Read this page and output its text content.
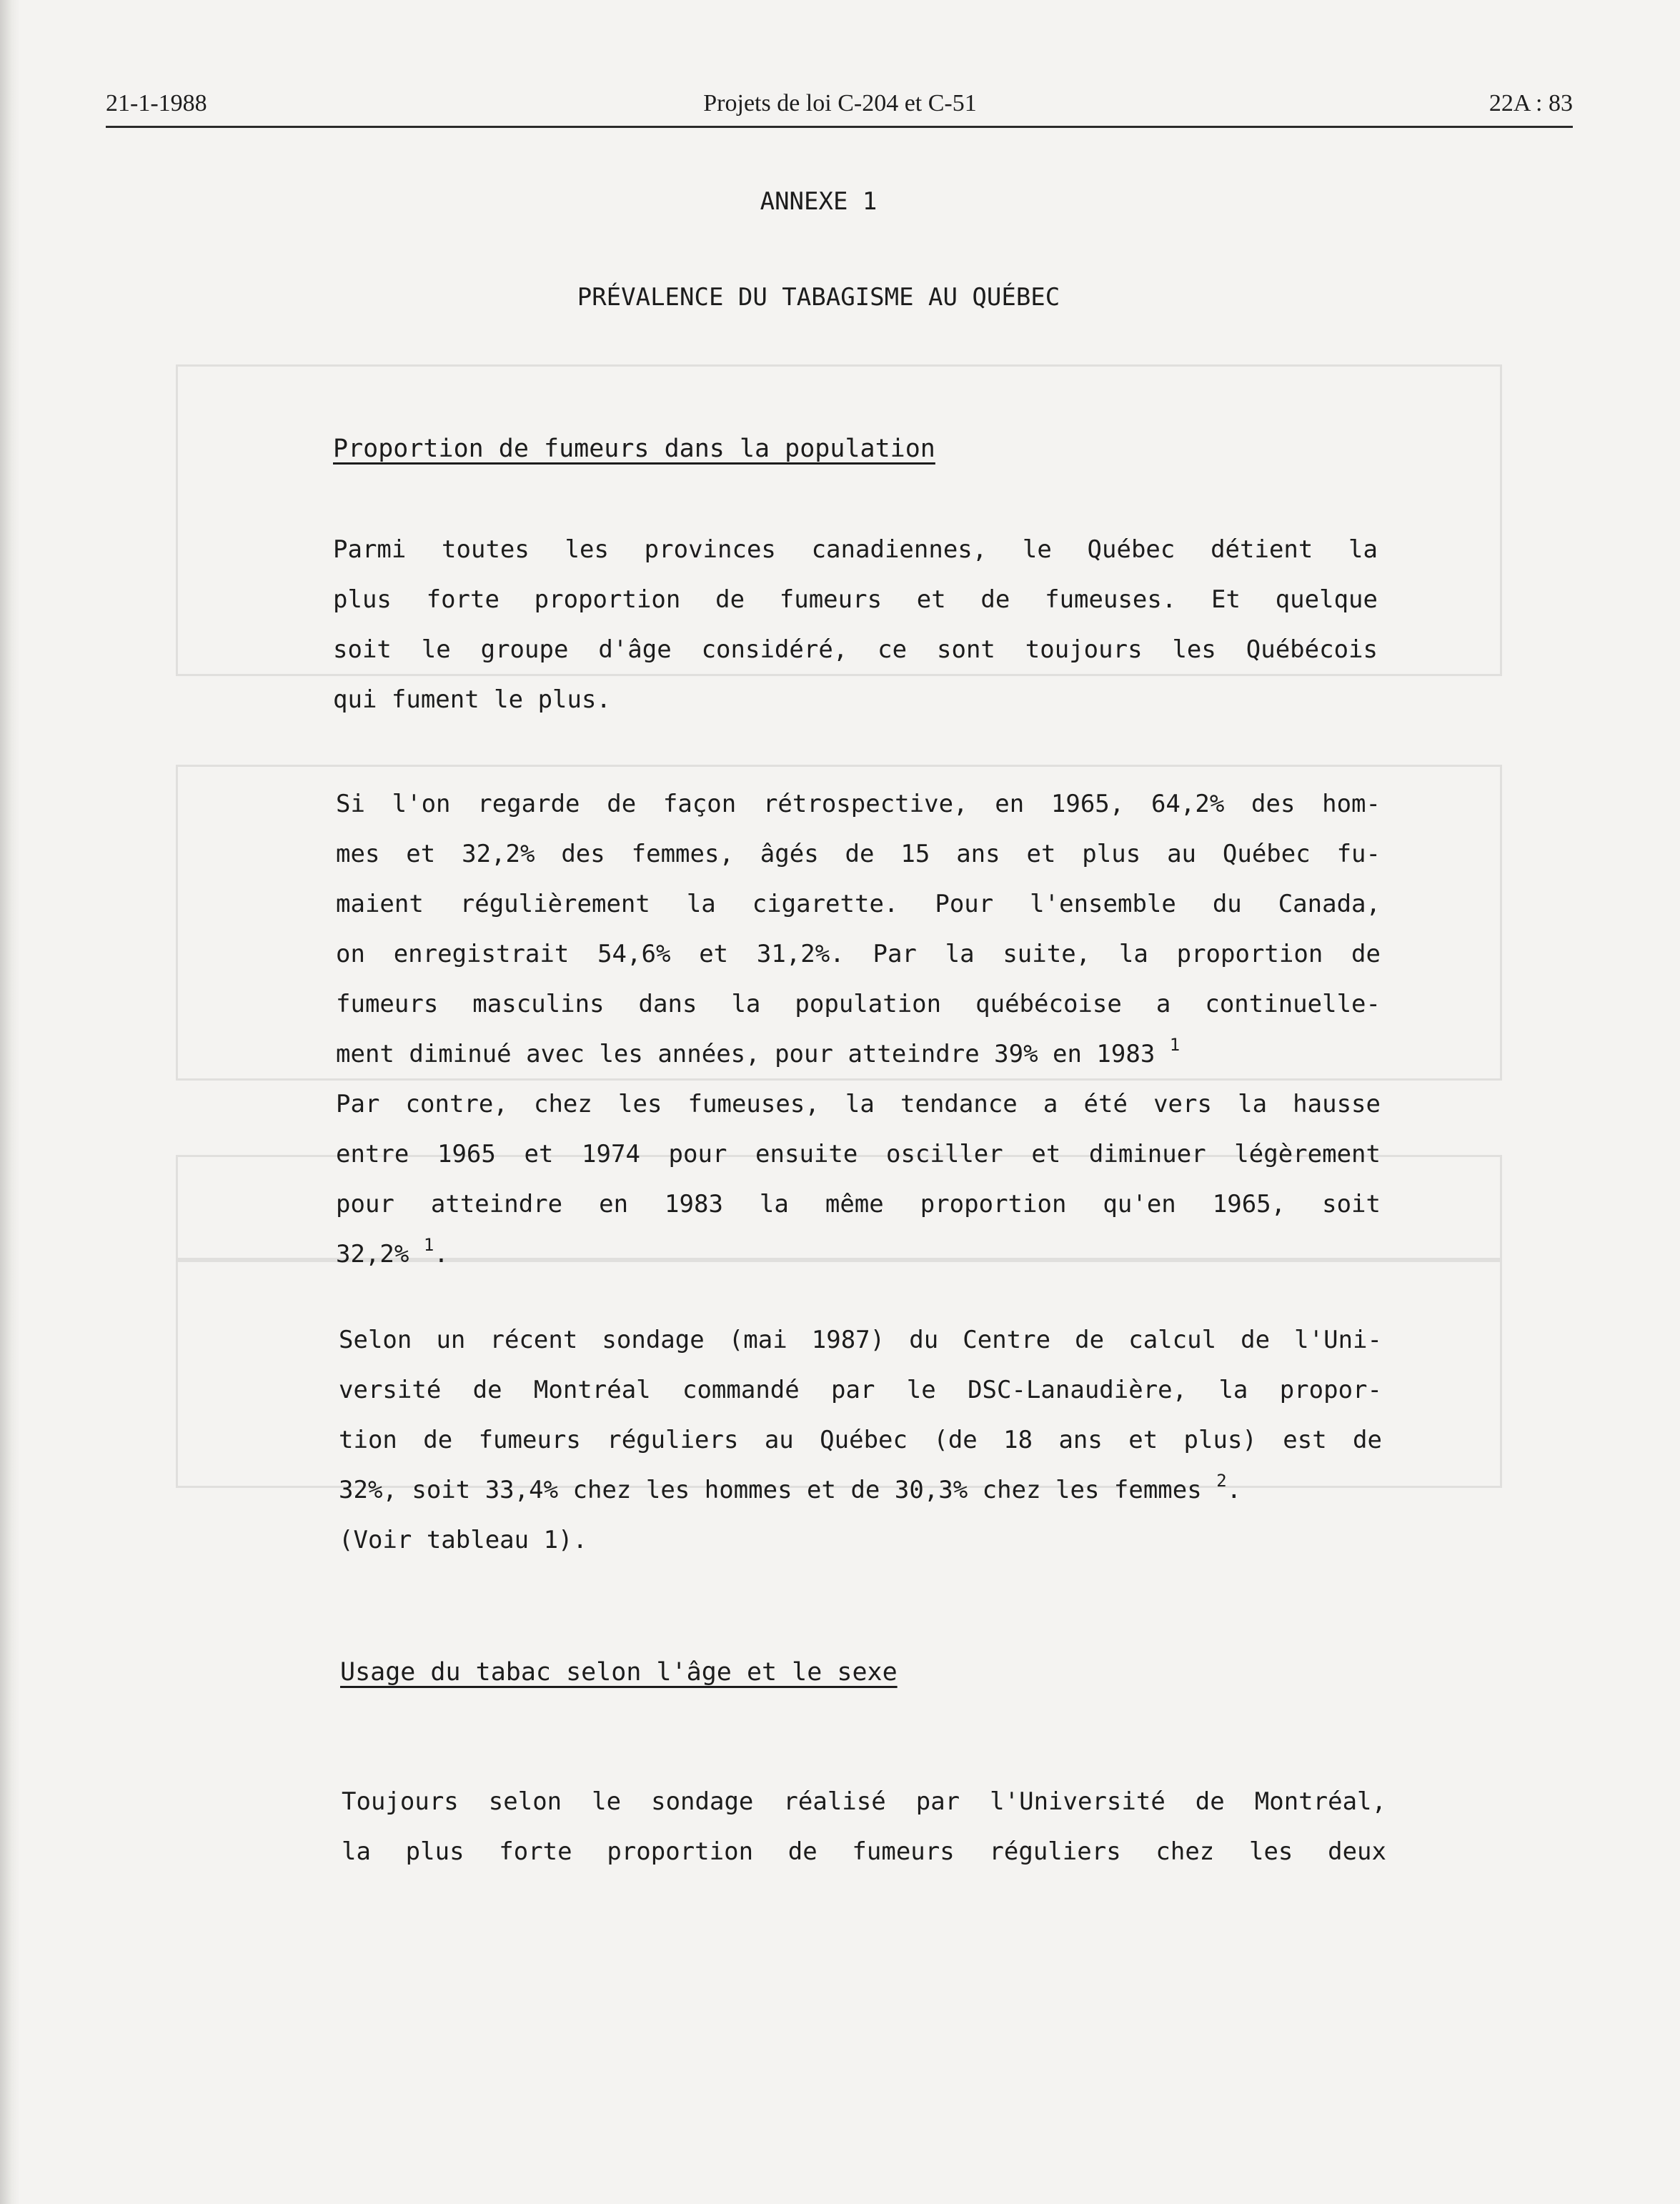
21-1-1988	Projets de loi C-204 et C-51	22A : 83
ANNEXE 1
PRÉVALENCE DU TABAGISME AU QUÉBEC
Proportion de fumeurs dans la population
Parmi toutes les provinces canadiennes, le Québec détient la
plus forte proportion de fumeurs et de fumeuses. Et quelque
soit le groupe d'âge considéré, ce sont toujours les Québécois
qui fument le plus.
Si l'on regarde de façon rétrospective, en 1965, 64,2% des hom-
mes et 32,2% des femmes, âgés de 15 ans et plus au Québec fu-
maient régulièrement la cigarette. Pour l'ensemble du Canada,
on enregistrait 54,6% et 31,2%. Par la suite, la proportion de
fumeurs masculins dans la population québécoise a continuelle-
ment diminué avec les années, pour atteindre 39% en 1983 $^1$
Par contre, chez les fumeuses, la tendance a été vers la hausse
entre 1965 et 1974 pour ensuite osciller et diminuer légèrement
pour atteindre en 1983 la même proportion qu'en 1965, soit
32,2% $^1$.
Selon un récent sondage (mai 1987) du Centre de calcul de l'Uni-
versité de Montréal commandé par le DSC-Lanaudière, la propor-
tion de fumeurs réguliers au Québec (de 18 ans et plus) est de
32%, soit 33,4% chez les hommes et de 30,3% chez les femmes $^2$.
(Voir tableau 1).
Usage du tabac selon l'âge et le sexe
Toujours selon le sondage réalisé par l'Université de Montréal,
la plus forte proportion de fumeurs réguliers chez les deux
